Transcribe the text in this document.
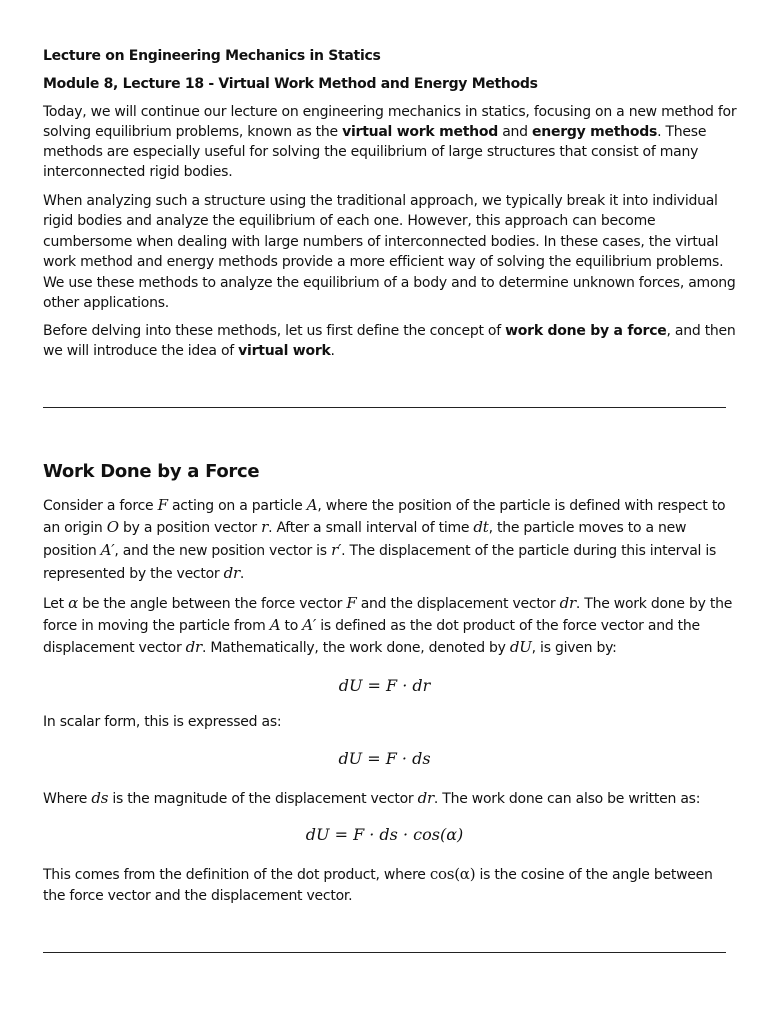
Lecture on Engineering Mechanics in Statics
Module 8, Lecture 18 - Virtual Work Method and Energy Methods
Today, we will continue our lecture on engineering mechanics in statics, focusing on a new method for
solving equilibrium problems, known as the virtual work method and energy methods. These
methods are especially useful for solving the equilibrium of large structures that consist of many
interconnected rigid bodies.
When analyzing such a structure using the traditional approach, we typically break it into individual
rigid bodies and analyze the equilibrium of each one. However, this approach can become
cumbersome when dealing with large numbers of interconnected bodies. In these cases, the virtual
work method and energy methods provide a more efficient way of solving the equilibrium problems.
We use these methods to analyze the equilibrium of a body and to determine unknown forces, among
other applications.
Before delving into these methods, let us first define the concept of work done by a force, and then
we will introduce the idea of virtual work.
Work Done by a Force
Consider a force F acting on a particle A, where the position of the particle is defined with respect to
an origin O by a position vector r. After a small interval of time dt, the particle moves to a new
position A′, and the new position vector is r′. The displacement of the particle during this interval is
represented by the vector dr.
Let α be the angle between the force vector F and the displacement vector dr. The work done by the
force in moving the particle from A to A′ is defined as the dot product of the force vector and the
displacement vector dr. Mathematically, the work done, denoted by dU, is given by:
dU = F · dr
In scalar form, this is expressed as:
dU = F · ds
Where ds is the magnitude of the displacement vector dr. The work done can also be written as:
dU = F · ds · cos(α)
This comes from the definition of the dot product, where cos(α) is the cosine of the angle between
the force vector and the displacement vector.
